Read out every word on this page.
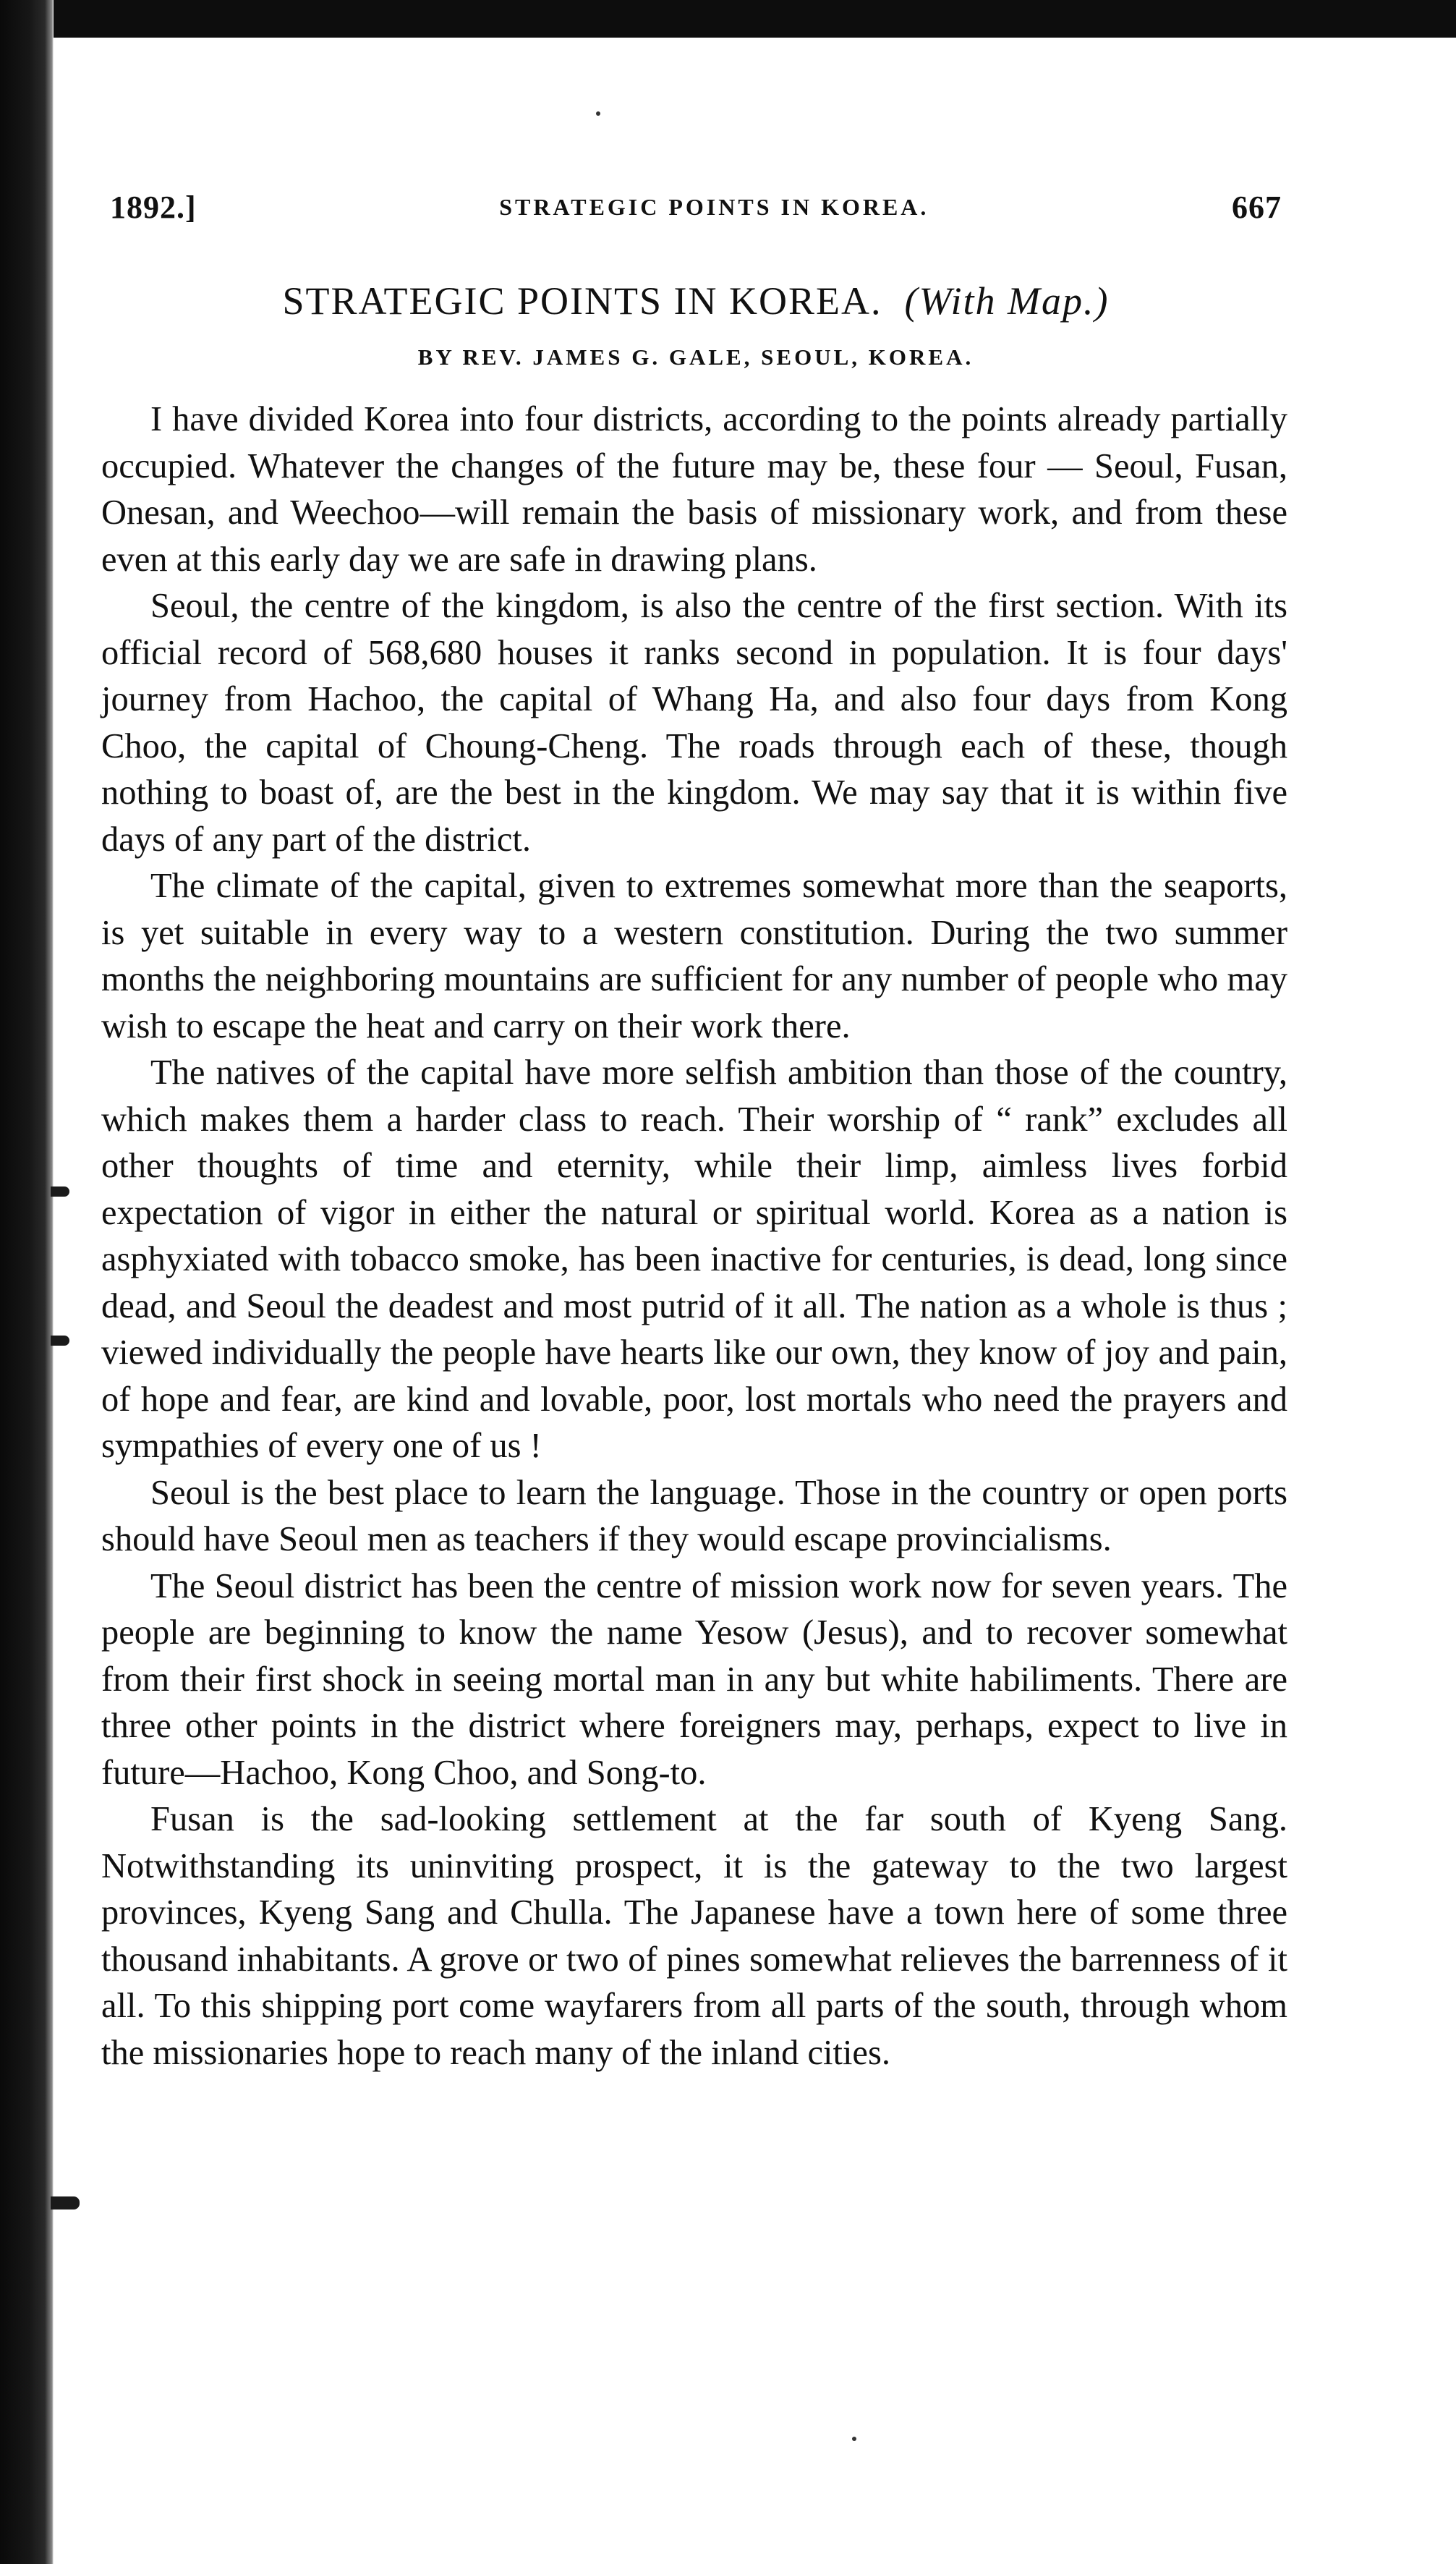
1892.]	STRATEGIC POINTS IN KOREA.	667
STRATEGIC POINTS IN KOREA. (With Map.)
BY REV. JAMES G. GALE, SEOUL, KOREA.

I have divided Korea into four districts, according to the points already partially occupied. Whatever the changes of the future may be, these four — Seoul, Fusan, Onesan, and Weechoo—will remain the basis of missionary work, and from these even at this early day we are safe in drawing plans.

Seoul, the centre of the kingdom, is also the centre of the first section. With its official record of 568,680 houses it ranks second in population. It is four days' journey from Hachoo, the capital of Whang Ha, and also four days from Kong Choo, the capital of Choung-Cheng. The roads through each of these, though nothing to boast of, are the best in the kingdom. We may say that it is within five days of any part of the district.

The climate of the capital, given to extremes somewhat more than the seaports, is yet suitable in every way to a western constitution. During the two summer months the neighboring mountains are sufficient for any number of people who may wish to escape the heat and carry on their work there.

The natives of the capital have more selfish ambition than those of the country, which makes them a harder class to reach. Their worship of “ rank” excludes all other thoughts of time and eternity, while their limp, aimless lives forbid expectation of vigor in either the natural or spiritual world. Korea as a nation is asphyxiated with tobacco smoke, has been inactive for centuries, is dead, long since dead, and Seoul the deadest and most putrid of it all. The nation as a whole is thus ; viewed individually the people have hearts like our own, they know of joy and pain, of hope and fear, are kind and lovable, poor, lost mortals who need the prayers and sympathies of every one of us !

Seoul is the best place to learn the language. Those in the country or open ports should have Seoul men as teachers if they would escape provincialisms.

The Seoul district has been the centre of mission work now for seven years. The people are beginning to know the name Yesow (Jesus), and to recover somewhat from their first shock in seeing mortal man in any but white habiliments. There are three other points in the district where foreigners may, perhaps, expect to live in future—Hachoo, Kong Choo, and Song-to.

Fusan is the sad-looking settlement at the far south of Kyeng Sang. Notwithstanding its uninviting prospect, it is the gateway to the two largest provinces, Kyeng Sang and Chulla. The Japanese have a town here of some three thousand inhabitants. A grove or two of pines somewhat relieves the barrenness of it all. To this shipping port come wayfarers from all parts of the south, through whom the missionaries hope to reach many of the inland cities.
